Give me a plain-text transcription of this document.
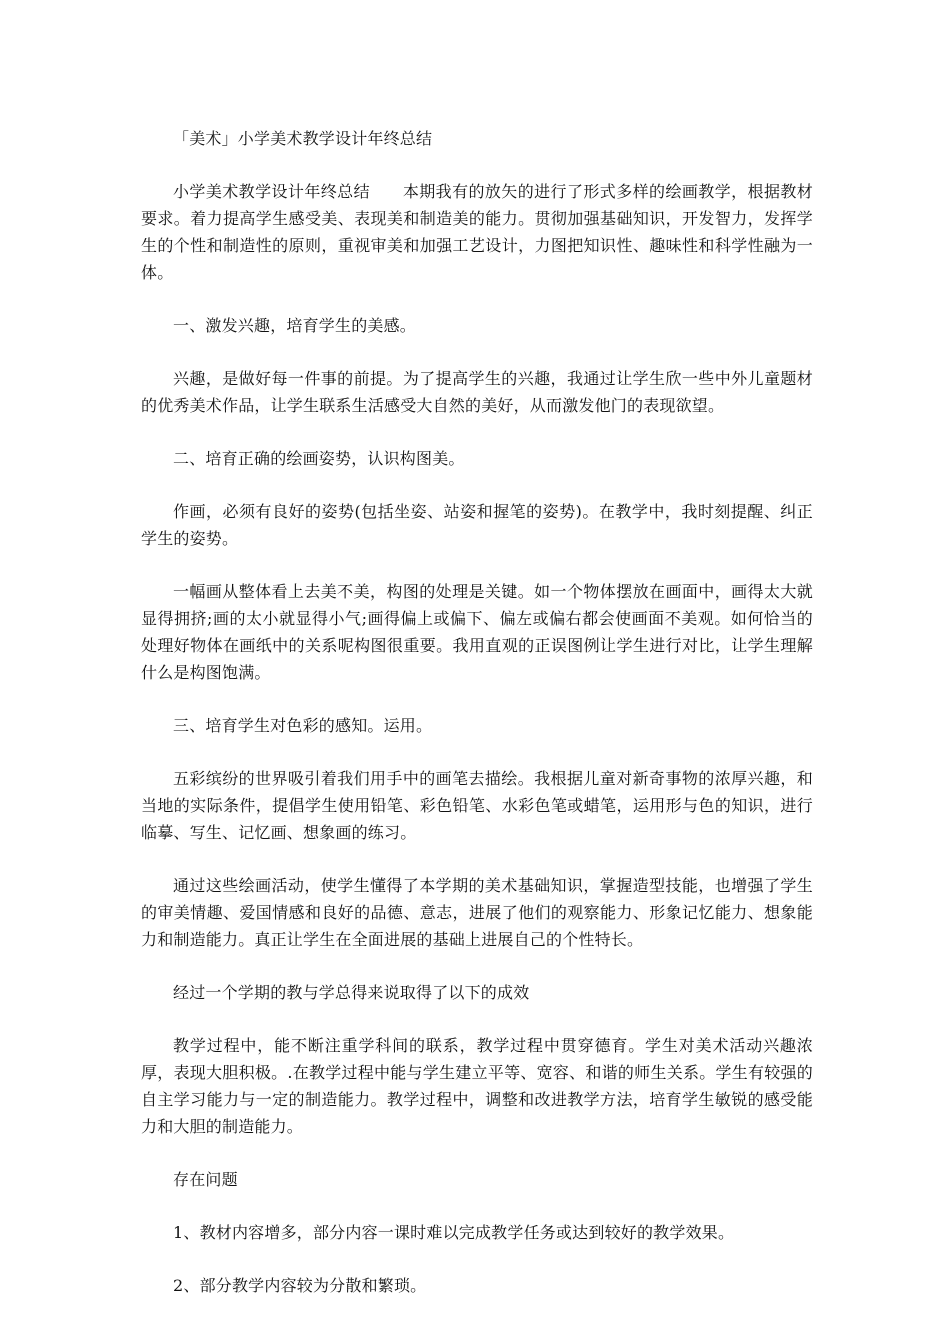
「美术」小学美术教学设计年终总结

小学美术教学设计年终总结　　本期我有的放矢的进行了形式多样的绘画教学，根据教材要求。着力提高学生感受美、表现美和制造美的能力。贯彻加强基础知识，开发智力，发挥学生的个性和制造性的原则，重视审美和加强工艺设计，力图把知识性、趣味性和科学性融为一体。

一、激发兴趣，培育学生的美感。

兴趣，是做好每一件事的前提。为了提高学生的兴趣，我通过让学生欣一些中外儿童题材的优秀美术作品，让学生联系生活感受大自然的美好，从而激发他门的表现欲望。

二、培育正确的绘画姿势，认识构图美。

作画，必须有良好的姿势(包括坐姿、站姿和握笔的姿势)。在教学中，我时刻提醒、纠正学生的姿势。

一幅画从整体看上去美不美，构图的处理是关键。如一个物体摆放在画面中，画得太大就显得拥挤;画的太小就显得小气;画得偏上或偏下、偏左或偏右都会使画面不美观。如何恰当的处理好物体在画纸中的关系呢构图很重要。我用直观的正误图例让学生进行对比，让学生理解什么是构图饱满。

三、培育学生对色彩的感知。运用。

五彩缤纷的世界吸引着我们用手中的画笔去描绘。我根据儿童对新奇事物的浓厚兴趣，和当地的实际条件，提倡学生使用铅笔、彩色铅笔、水彩色笔或蜡笔，运用形与色的知识，进行临摹、写生、记忆画、想象画的练习。

通过这些绘画活动，使学生懂得了本学期的美术基础知识，掌握造型技能，也增强了学生的审美情趣、爱国情感和良好的品德、意志，进展了他们的观察能力、形象记忆能力、想象能力和制造能力。真正让学生在全面进展的基础上进展自己的个性特长。

经过一个学期的教与学总得来说取得了以下的成效

教学过程中，能不断注重学科间的联系，教学过程中贯穿德育。学生对美术活动兴趣浓厚，表现大胆积极。.在教学过程中能与学生建立平等、宽容、和谐的师生关系。学生有较强的自主学习能力与一定的制造能力。教学过程中，调整和改进教学方法，培育学生敏锐的感受能力和大胆的制造能力。

存在问题

1、教材内容增多，部分内容一课时难以完成教学任务或达到较好的教学效果。

2、部分教学内容较为分散和繁琐。
